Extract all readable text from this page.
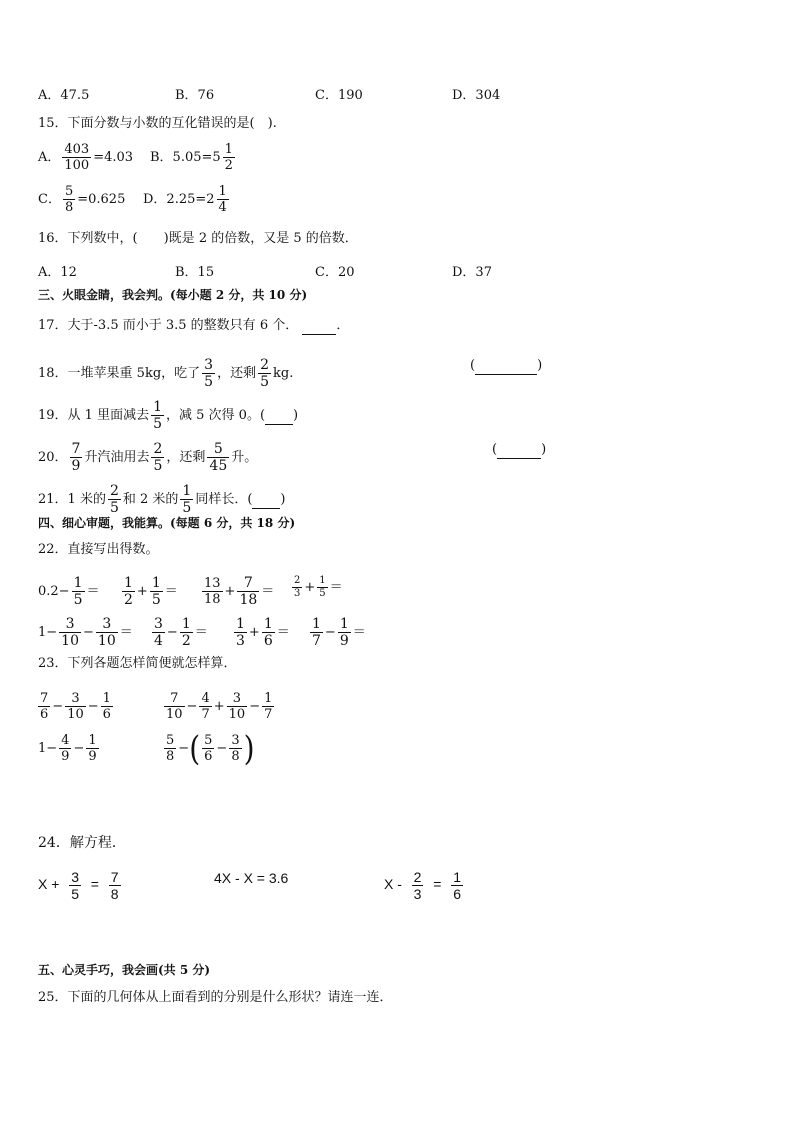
A．47.5	B．76	C．190	D．304
15．下面分数与小数的互化错误的是(　).
A． $\frac{403}{100} =4.03$ B．$5.05=5 \frac{1}{2}$
C． $\frac{5}{8} =0.625$ D．$2.25=2 \frac{1}{4}$
16．下列数中，(　　)既是 2 的倍数，又是 5 的倍数．
A．12	B．15	C．20	D．37
三、火眼金睛，我会判。(每小题 2 分，共 10 分)
17．大于-3.5 而小于 3.5 的整数只有 6 个．	．
18．一堆苹果重 5kg，吃了 $\frac{3}{5}$ ，还剩 $\frac{2}{5}$ kg.
(	)
19．从 1 里面减去 $\frac{1}{5}$ ，减 5 次得 0。( )
20． $\frac{7}{9}$ 升汽油用去 $\frac{2}{5}$ ，还剩 $\frac{5}{45}$ 升。
(	)
21．1 米的 $\frac{2}{5}$ 和 2 米的 $\frac{1}{5}$ 同样长．( )
四、细心审题，我能算。(每题 6 分，共 18 分)
22．直接写出得数。
$0.2- \frac{1}{5} = \frac{1}{2} + \frac{1}{5} = \frac{13}{18} + \frac{7}{18} = \frac{2}{3} + \frac{1}{5}$ ＝
$1- \frac{3}{10} - \frac{3}{10} = \frac{3}{4} - \frac{1}{2} = \frac{1}{3} + \frac{1}{6} = \frac{1}{7} - \frac{1}{9}$ ＝
23．下列各题怎样简便就怎样算．
$\frac{7}{6} - \frac{3}{10} - \frac{1}{6}$	$\frac{7}{10} - \frac{4}{7} + \frac{3}{10} - \frac{1}{7}$
$1- \frac{4}{9} - \frac{1}{9}$	$\frac{5}{8}$ −( $\frac{5}{6} - \frac{3}{8}$ )
24．解方程．
$X + \frac{3}{5} = \frac{7}{8}$	4X - X = 3.6	$X - \frac{2}{3} = \frac{1}{6}$
五、心灵手巧，我会画(共 5 分)
25．下面的几何体从上面看到的分别是什么形状？请连一连．
